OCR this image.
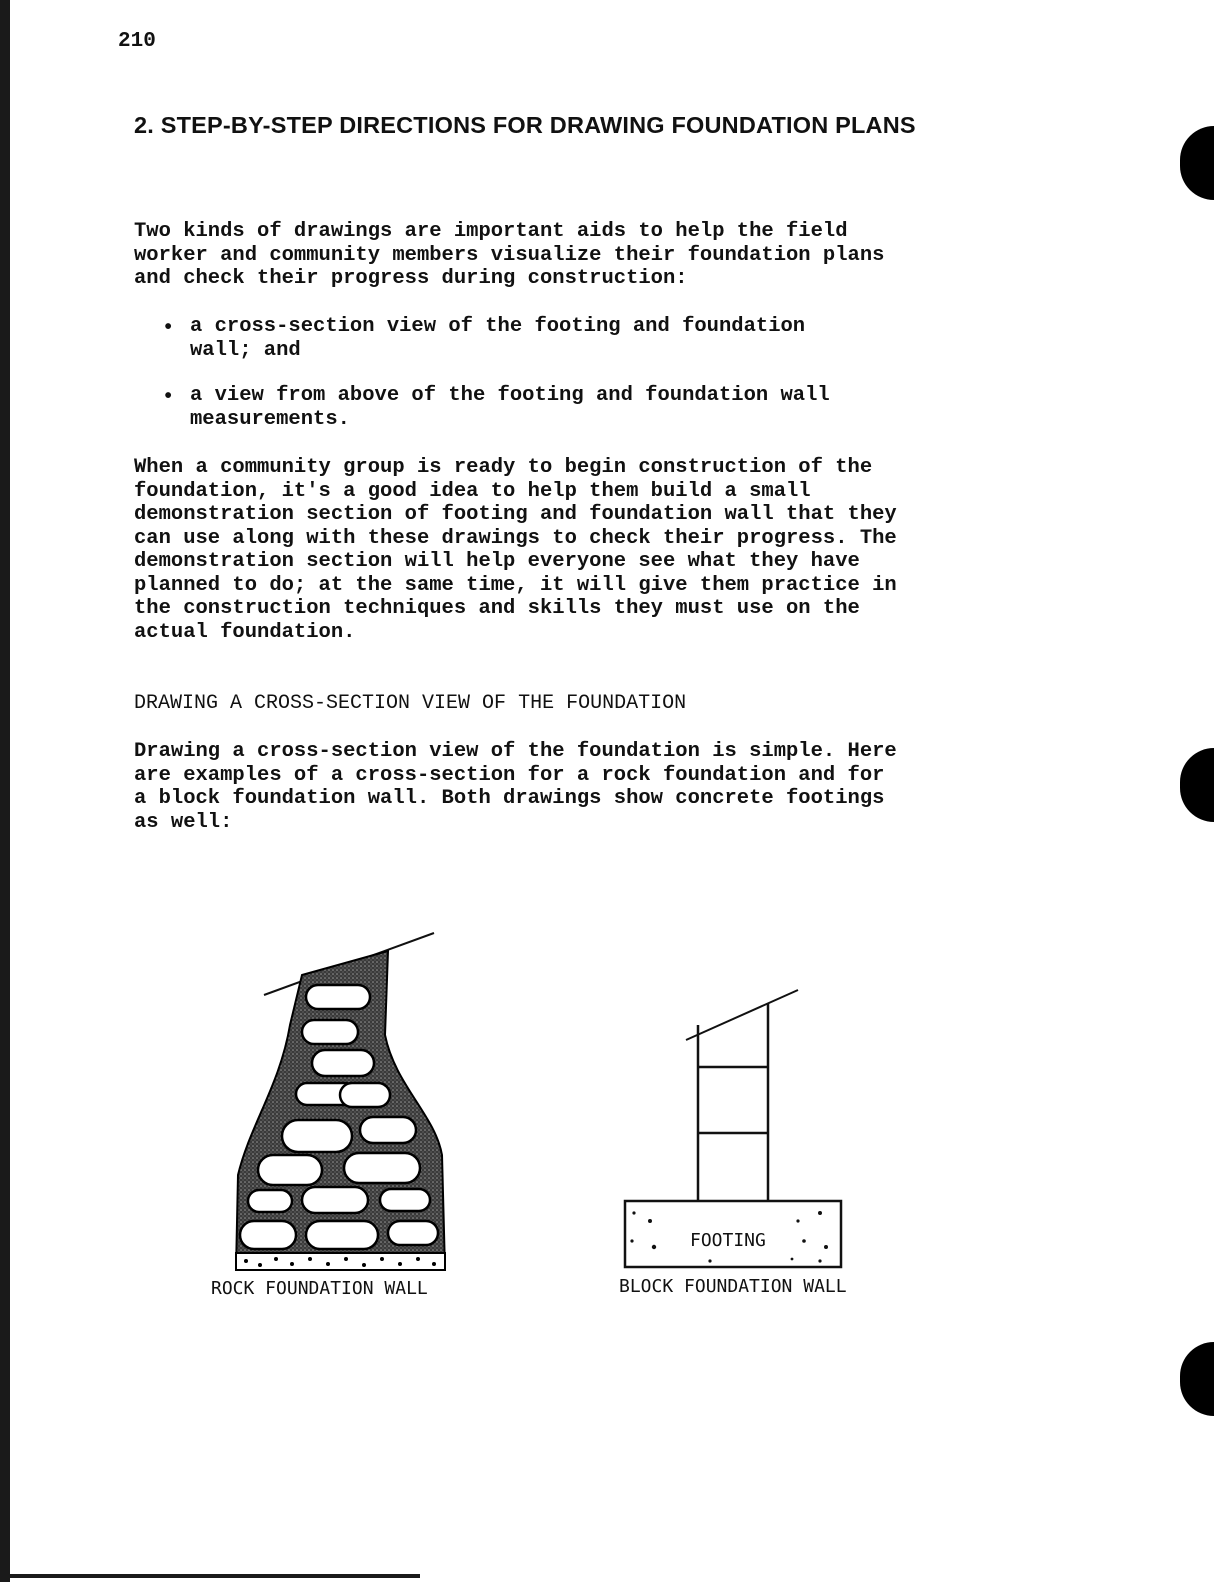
210
2. STEP-BY-STEP DIRECTIONS FOR DRAWING FOUNDATION PLANS
Two kinds of drawings are important aids to help the field
worker and community members visualize their foundation plans
and check their progress during construction:
• a cross-section view of the footing and foundation
wall; and
• a view from above of the footing and foundation wall
measurements.
When a community group is ready to begin construction of the
foundation, it's a good idea to help them build a small
demonstration section of footing and foundation wall that they
can use along with these drawings to check their progress. The
demonstration section will help everyone see what they have
planned to do; at the same time, it will give them practice in
the construction techniques and skills they must use on the
actual foundation.
DRAWING A CROSS-SECTION VIEW OF THE FOUNDATION
Drawing a cross-section view of the foundation is simple. Here
are examples of a cross-section for a rock foundation and for
a block foundation wall. Both drawings show concrete footings
as well:
ROCK FOUNDATION WALL
FOOTING
BLOCK FOUNDATION WALL
